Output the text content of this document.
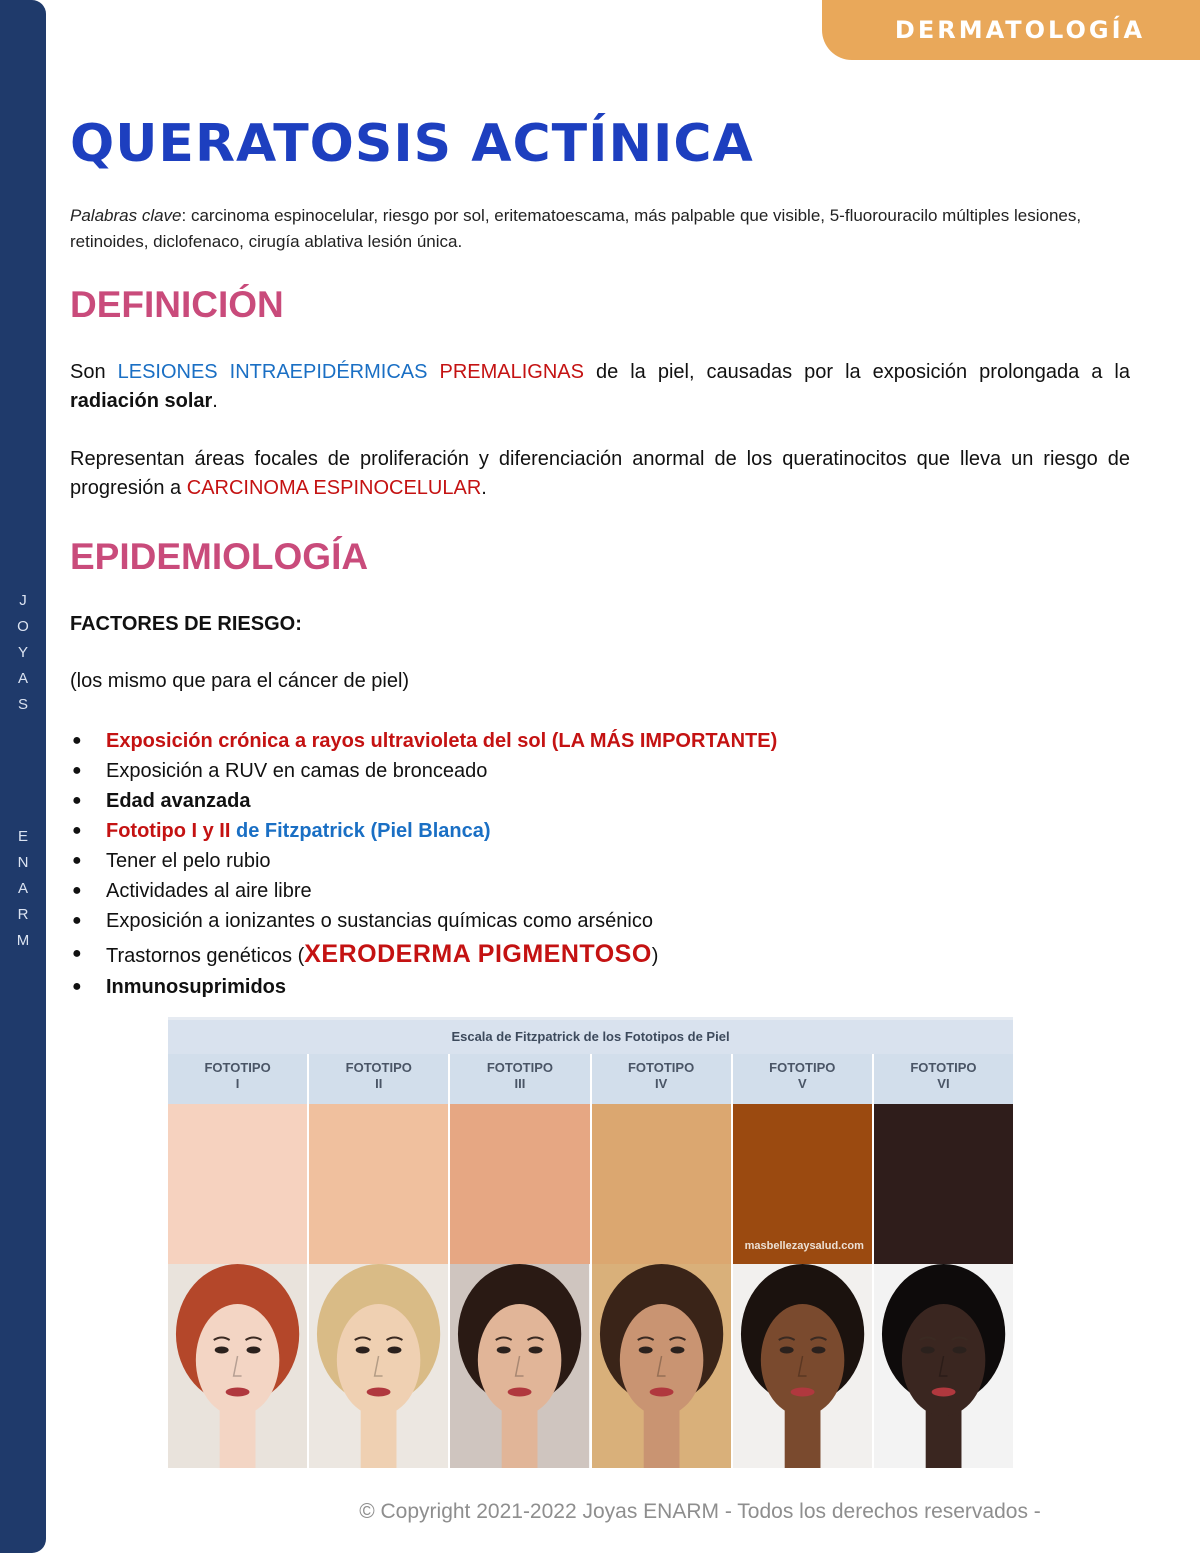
J
O
Y
A
S
E
N
A
R
M
DERMATOLOGÍA
QUERATOSIS ACTÍNICA

Palabras clave: carcinoma espinocelular, riesgo por sol, eritematoescama, más palpable que visible, 5-fluorouracilo múltiples lesiones, retinoides, diclofenaco, cirugía ablativa lesión única.

DEFINICIÓN

Son LESIONES INTRAEPIDÉRMICAS PREMALIGNAS de la piel, causadas por la exposición prolongada a la radiación solar.

Representan áreas focales de proliferación y diferenciación anormal de los queratinocitos que lleva un riesgo de progresión a CARCINOMA ESPINOCELULAR.

EPIDEMIOLOGÍA
FACTORES DE RIESGO:
(los mismo que para el cáncer de piel)
● Exposición crónica a rayos ultravioleta del sol (LA MÁS IMPORTANTE)
● Exposición a RUV en camas de bronceado
● Edad avanzada
● Fototipo I y II de Fitzpatrick (Piel Blanca)
● Tener el pelo rubio
● Actividades al aire libre
● Exposición a ionizantes o sustancias químicas como arsénico
● Trastornos genéticos (XERODERMA PIGMENTOSO)
● Inmunosuprimidos
Escala de Fitzpatrick de los Fototipos de Piel
FOTOTIPO
I
FOTOTIPO
II
FOTOTIPO
III
FOTOTIPO
IV
FOTOTIPO
V
masbellezaysalud.com
FOTOTIPO
VI
© Copyright 2021-2022 Joyas ENARM - Todos los derechos reservados -
